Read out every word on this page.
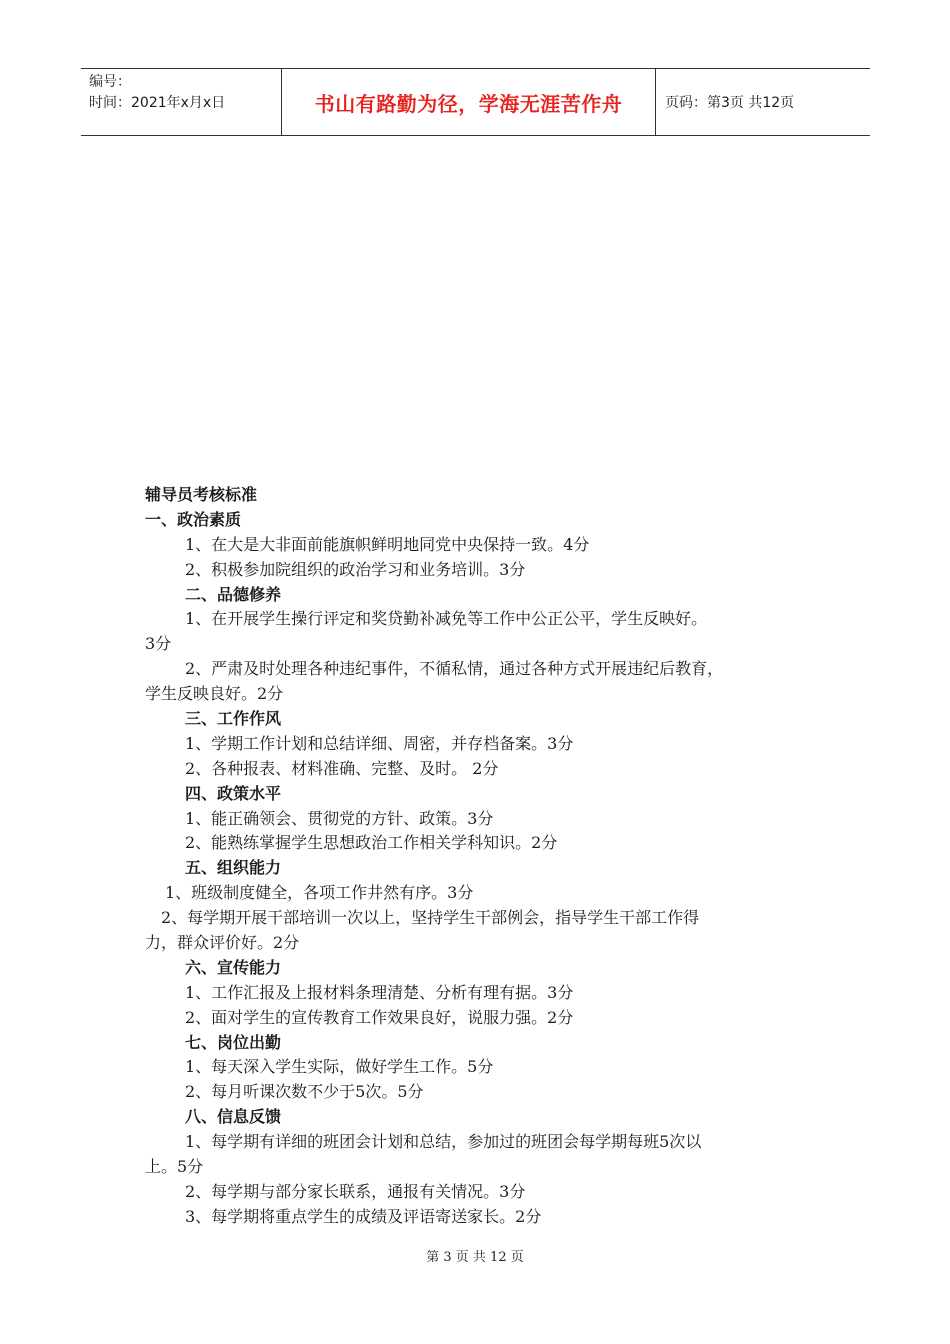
编号：
时间：2021年x月x日	书山有路勤为径，学海无涯苦作舟	页码：第3页 共12页
辅导员考核标准
一、政治素质
1、在大是大非面前能旗帜鲜明地同党中央保持一致。4分
2、积极参加院组织的政治学习和业务培训。3分
二、品德修养
1、在开展学生操行评定和奖贷勤补减免等工作中公正公平，学生反映好。
3分
2、严肃及时处理各种违纪事件，不循私情，通过各种方式开展违纪后教育，
学生反映良好。2分
三、工作作风
1、学期工作计划和总结详细、周密，并存档备案。3分
2、各种报表、材料准确、完整、及时。 2分
四、政策水平
1、能正确领会、贯彻党的方针、政策。3分
2、能熟练掌握学生思想政治工作相关学科知识。2分
五、组织能力
1、班级制度健全，各项工作井然有序。3分
2、每学期开展干部培训一次以上，坚持学生干部例会，指导学生干部工作得
力，群众评价好。2分
六、宣传能力
1、工作汇报及上报材料条理清楚、分析有理有据。3分
2、面对学生的宣传教育工作效果良好，说服力强。2分
七、岗位出勤
1、每天深入学生实际，做好学生工作。5分
2、每月听课次数不少于5次。5分
八、信息反馈
1、每学期有详细的班团会计划和总结，参加过的班团会每学期每班5次以
上。5分
2、每学期与部分家长联系，通报有关情况。3分
3、每学期将重点学生的成绩及评语寄送家长。2分
第 3 页 共 12 页
